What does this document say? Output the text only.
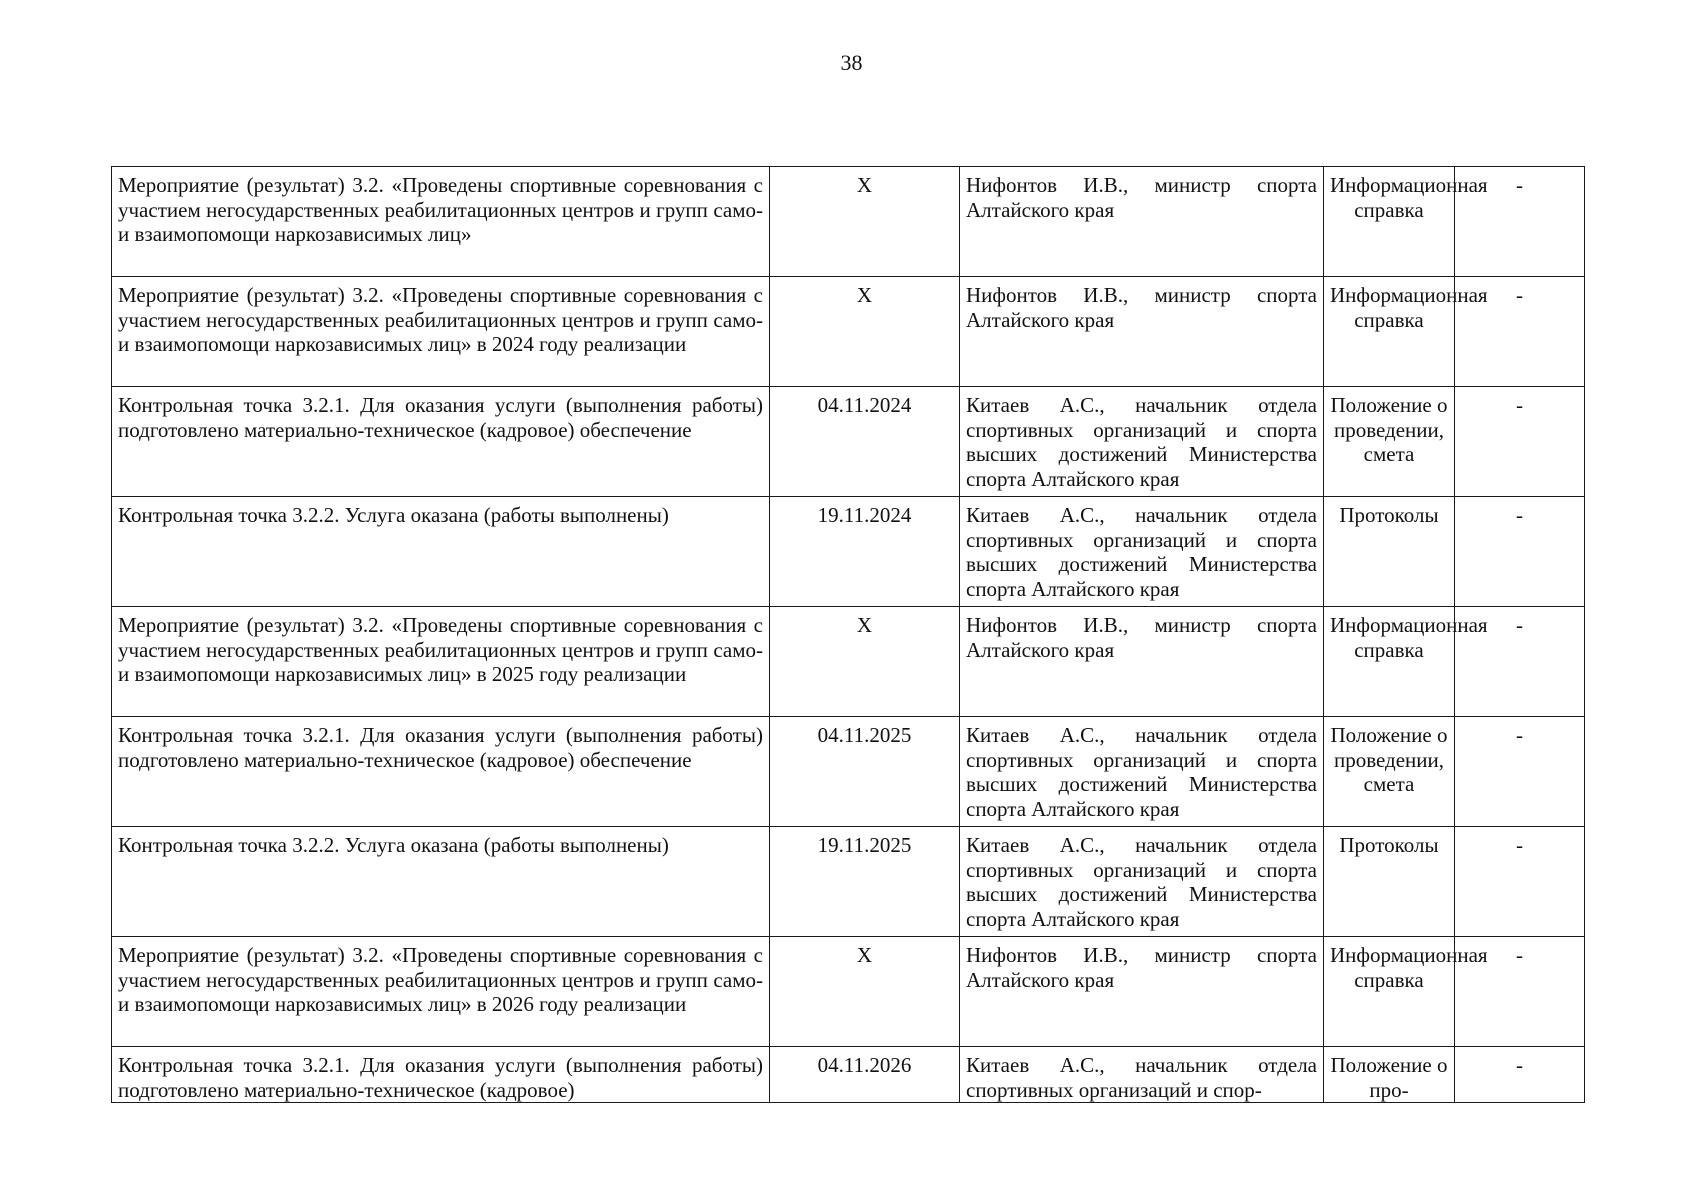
38
Мероприятие (результат) 3.2. «Проведены спортивные соревнования с участием негосударственных реабилитационных центров и групп само- и взаимопомощи наркозависимых лиц»	X	Нифонтов И.В., министр спорта Алтайского края	Информационная справка	-
Мероприятие (результат) 3.2. «Проведены спортивные соревнования с участием негосударственных реабилитационных центров и групп само- и взаимопомощи наркозависимых лиц» в 2024 году реализации	X	Нифонтов И.В., министр спорта Алтайского края	Информационная справка	-
Контрольная точка 3.2.1. Для оказания услуги (выполнения работы) подготовлено материально-техническое (кадровое) обеспечение	04.11.2024	Китаев А.С., начальник отдела спортивных организаций и спорта высших достижений Министерства спорта Алтайского края	Положение о проведении, смета	-
Контрольная точка 3.2.2. Услуга оказана (работы выполнены)	19.11.2024	Китаев А.С., начальник отдела спортивных организаций и спорта высших достижений Министерства спорта Алтайского края	Протоколы	-
Мероприятие (результат) 3.2. «Проведены спортивные соревнования с участием негосударственных реабилитационных центров и групп само- и взаимопомощи наркозависимых лиц» в 2025 году реализации	X	Нифонтов И.В., министр спорта Алтайского края	Информационная справка	-
Контрольная точка 3.2.1. Для оказания услуги (выполнения работы) подготовлено материально-техническое (кадровое) обеспечение	04.11.2025	Китаев А.С., начальник отдела спортивных организаций и спорта высших достижений Министерства спорта Алтайского края	Положение о проведении, смета	-
Контрольная точка 3.2.2. Услуга оказана (работы выполнены)	19.11.2025	Китаев А.С., начальник отдела спортивных организаций и спорта высших достижений Министерства спорта Алтайского края	Протоколы	-
Мероприятие (результат) 3.2. «Проведены спортивные соревнования с участием негосударственных реабилитационных центров и групп само- и взаимопомощи наркозависимых лиц» в 2026 году реализации	X	Нифонтов И.В., министр спорта Алтайского края	Информационная справка	-
Контрольная точка 3.2.1. Для оказания услуги (выполнения работы) подготовлено материально-техническое (кадровое)	04.11.2026	Китаев А.С., начальник отдела спортивных организаций и спор-	Положение о про-	-
